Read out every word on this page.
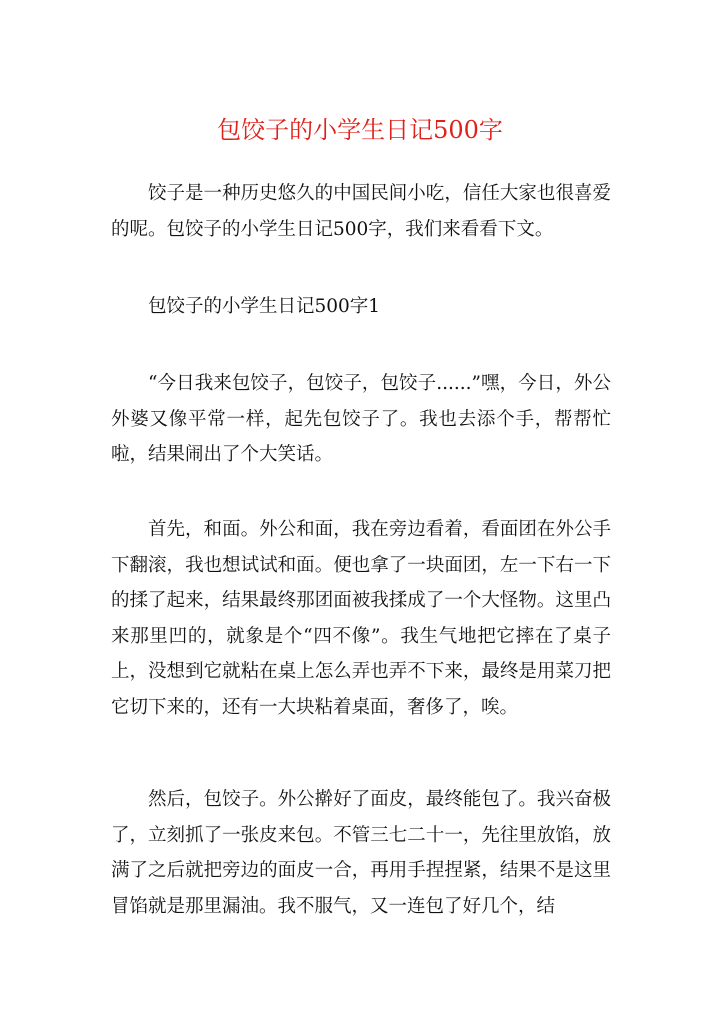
包饺子的小学生日记500字

饺子是一种历史悠久的中国民间小吃，信任大家也很喜爱的呢。包饺子的小学生日记500字，我们来看看下文。

包饺子的小学生日记500字1

“今日我来包饺子，包饺子，包饺子......”嘿，今日，外公外婆又像平常一样，起先包饺子了。我也去添个手，帮帮忙啦，结果闹出了个大笑话。

首先，和面。外公和面，我在旁边看着，看面团在外公手下翻滚，我也想试试和面。便也拿了一块面团，左一下右一下的揉了起来，结果最终那团面被我揉成了一个大怪物。这里凸来那里凹的，就象是个“四不像”。我生气地把它摔在了桌子上，没想到它就粘在桌上怎么弄也弄不下来，最终是用菜刀把它切下来的，还有一大块粘着桌面，奢侈了，唉。

然后，包饺子。外公擀好了面皮，最终能包了。我兴奋极了，立刻抓了一张皮来包。不管三七二十一，先往里放馅，放满了之后就把旁边的面皮一合，再用手捏捏紧，结果不是这里冒馅就是那里漏油。我不服气，又一连包了好几个，结
